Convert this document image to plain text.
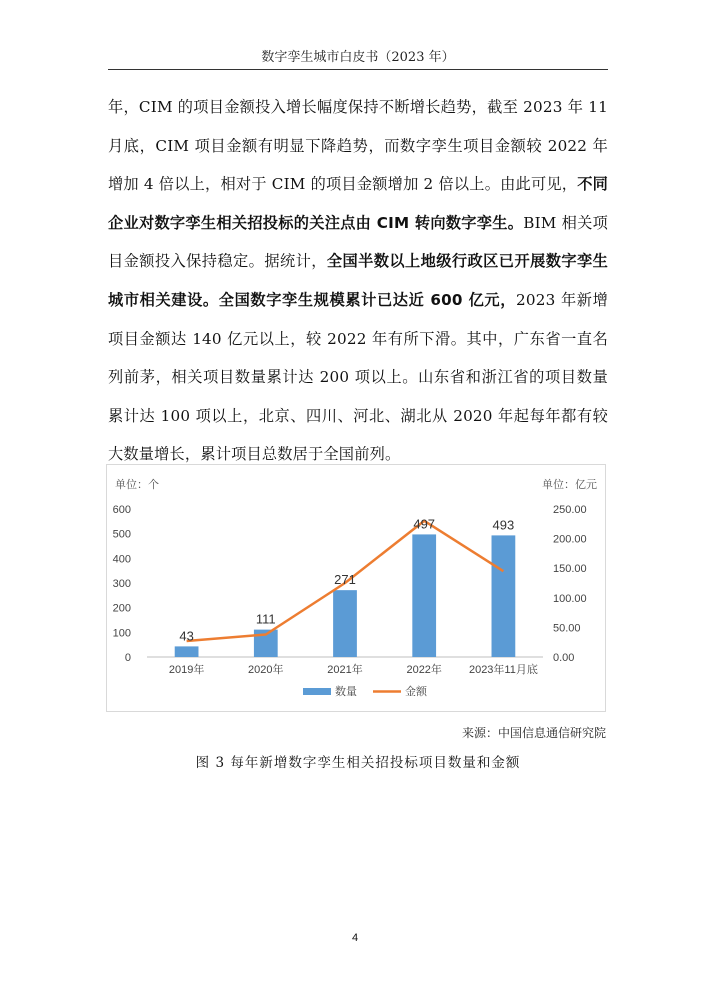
数字孪生城市白皮书（2023 年）

年，CIM 的项目金额投入增长幅度保持不断增长趋势，截至 2023 年 11 月底，CIM 项目金额有明显下降趋势，而数字孪生项目金额较 2022 年增加 4 倍以上，相对于 CIM 的项目金额增加 2 倍以上。由此可见，不同企业对数字孪生相关招投标的关注点由 CIM 转向数字孪生。BIM 相关项目金额投入保持稳定。据统计，全国半数以上地级行政区已开展数字孪生城市相关建设。全国数字孪生规模累计已达近 600 亿元，2023 年新增项目金额达 140 亿元以上，较 2022 年有所下滑。其中，广东省一直名列前茅，相关项目数量累计达 200 项以上。山东省和浙江省的项目数量累计达 100 项以上，北京、四川、河北、湖北从 2020 年起每年都有较大数量增长，累计项目总数居于全国前列。

单位：个	单位：亿元
0
100
200
300
400
500
600
0.00
50.00
100.00
150.00
200.00
250.00
43
111
271
497	493
2019年	2020年	2021年	2022年 2023年11月底
数量	金额
来源：中国信息通信研究院
图 3 每年新增数字孪生相关招投标项目数量和金额
4
